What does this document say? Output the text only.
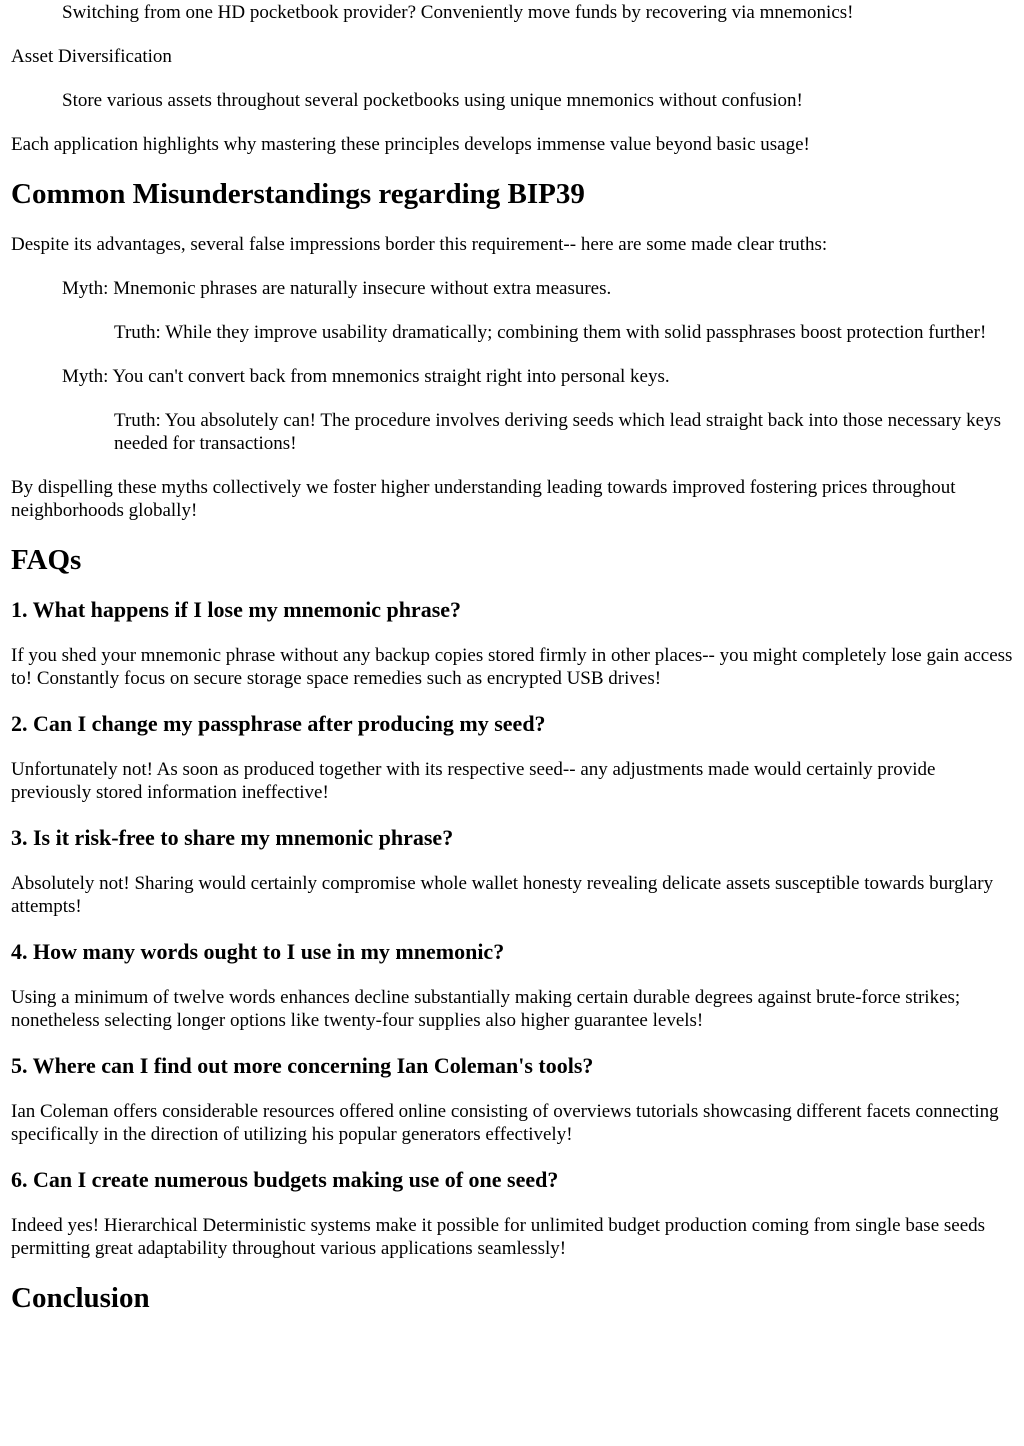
Switching from one HD pocketbook provider? Conveniently move funds by recovering via mnemonics!
Asset Diversification
Store various assets throughout several pocketbooks using unique mnemonics without confusion!

Each application highlights why mastering these principles develops immense value beyond basic usage!

Common Misunderstandings regarding BIP39

Despite its advantages, several false impressions border this requirement-- here are some made clear truths:

Myth: Mnemonic phrases are naturally insecure without extra measures.
Truth: While they improve usability dramatically; combining them with solid passphrases boost protection further!
Myth: You can't convert back from mnemonics straight right into personal keys.
Truth: You absolutely can! The procedure involves deriving seeds which lead straight back into those necessary keys needed for transactions!

By dispelling these myths collectively we foster higher understanding leading towards improved fostering prices throughout neighborhoods globally!

FAQs
1. What happens if I lose my mnemonic phrase?

If you shed your mnemonic phrase without any backup copies stored firmly in other places-- you might completely lose gain access to! Constantly focus on secure storage space remedies such as encrypted USB drives!

2. Can I change my passphrase after producing my seed?

Unfortunately not! As soon as produced together with its respective seed-- any adjustments made would certainly provide previously stored information ineffective!

3. Is it risk-free to share my mnemonic phrase?

Absolutely not! Sharing would certainly compromise whole wallet honesty revealing delicate assets susceptible towards burglary attempts!

4. How many words ought to I use in my mnemonic?

Using a minimum of twelve words enhances decline substantially making certain durable degrees against brute-force strikes; nonetheless selecting longer options like twenty-four supplies also higher guarantee levels!

5. Where can I find out more concerning Ian Coleman's tools?

Ian Coleman offers considerable resources offered online consisting of overviews tutorials showcasing different facets connecting specifically in the direction of utilizing his popular generators effectively!

6. Can I create numerous budgets making use of one seed?

Indeed yes! Hierarchical Deterministic systems make it possible for unlimited budget production coming from single base seeds permitting great adaptability throughout various applications seamlessly!

Conclusion
